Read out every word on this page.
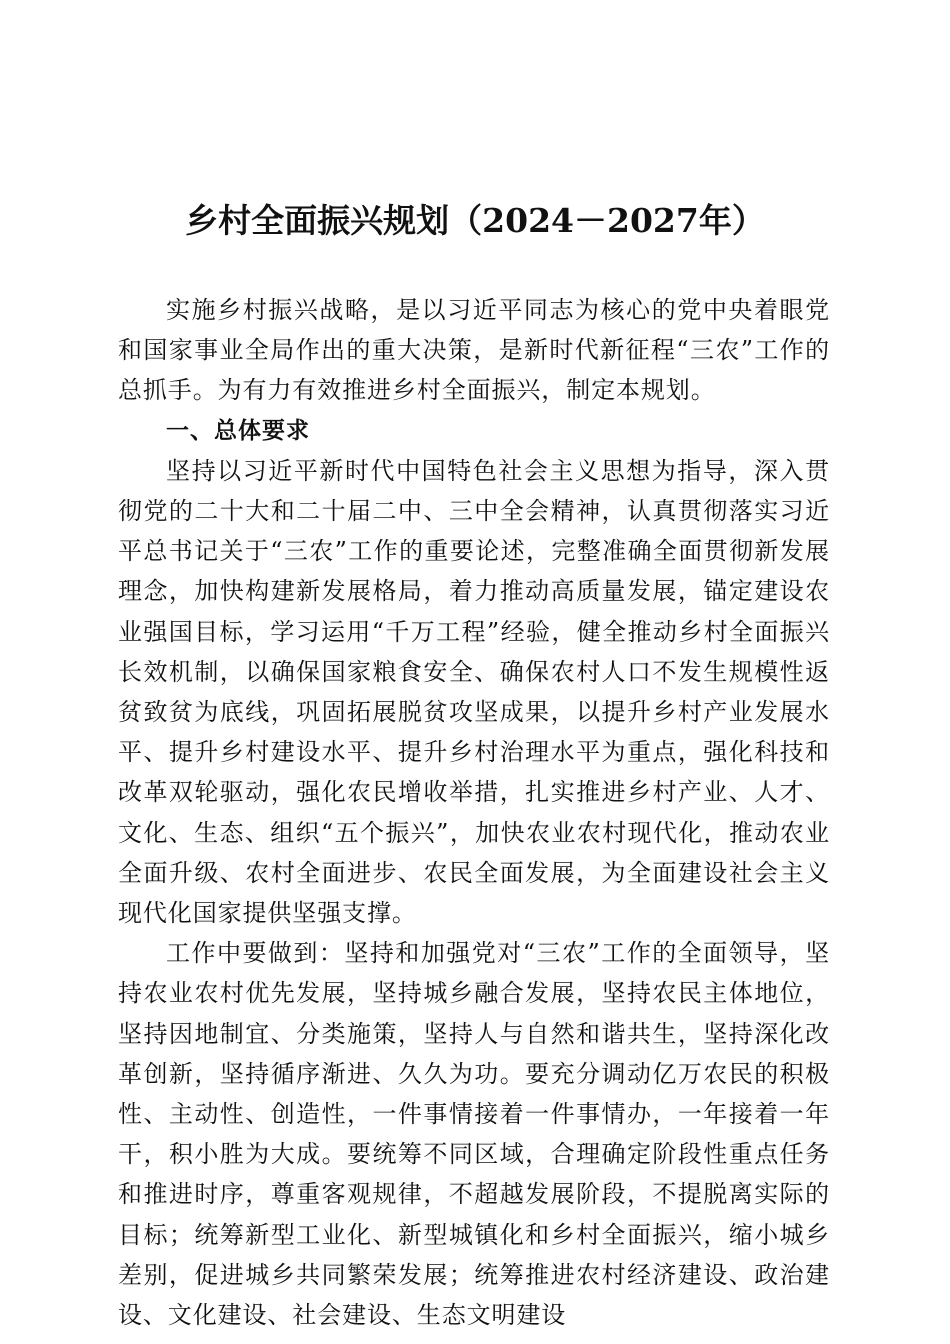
乡村全面振兴规划（2024－2027年）

实施乡村振兴战略，是以习近平同志为核心的党中央着眼党和国家事业全局作出的重大决策，是新时代新征程“三农”工作的总抓手。为有力有效推进乡村全面振兴，制定本规划。

一、总体要求

坚持以习近平新时代中国特色社会主义思想为指导，深入贯彻党的二十大和二十届二中、三中全会精神，认真贯彻落实习近平总书记关于“三农”工作的重要论述，完整准确全面贯彻新发展理念，加快构建新发展格局，着力推动高质量发展，锚定建设农业强国目标，学习运用“千万工程”经验，健全推动乡村全面振兴长效机制，以确保国家粮食安全、确保农村人口不发生规模性返贫致贫为底线，巩固拓展脱贫攻坚成果，以提升乡村产业发展水平、提升乡村建设水平、提升乡村治理水平为重点，强化科技和改革双轮驱动，强化农民增收举措，扎实推进乡村产业、人才、文化、生态、组织“五个振兴”，加快农业农村现代化，推动农业全面升级、农村全面进步、农民全面发展，为全面建设社会主义现代化国家提供坚强支撑。

工作中要做到：坚持和加强党对“三农”工作的全面领导，坚持农业农村优先发展，坚持城乡融合发展，坚持农民主体地位，坚持因地制宜、分类施策，坚持人与自然和谐共生，坚持深化改革创新，坚持循序渐进、久久为功。要充分调动亿万农民的积极性、主动性、创造性，一件事情接着一件事情办，一年接着一年干，积小胜为大成。要统筹不同区域，合理确定阶段性重点任务和推进时序，尊重客观规律，不超越发展阶段，不提脱离实际的目标；统筹新型工业化、新型城镇化和乡村全面振兴，缩小城乡差别，促进城乡共同繁荣发展；统筹推进农村经济建设、政治建设、文化建设、社会建设、生态文明建设
